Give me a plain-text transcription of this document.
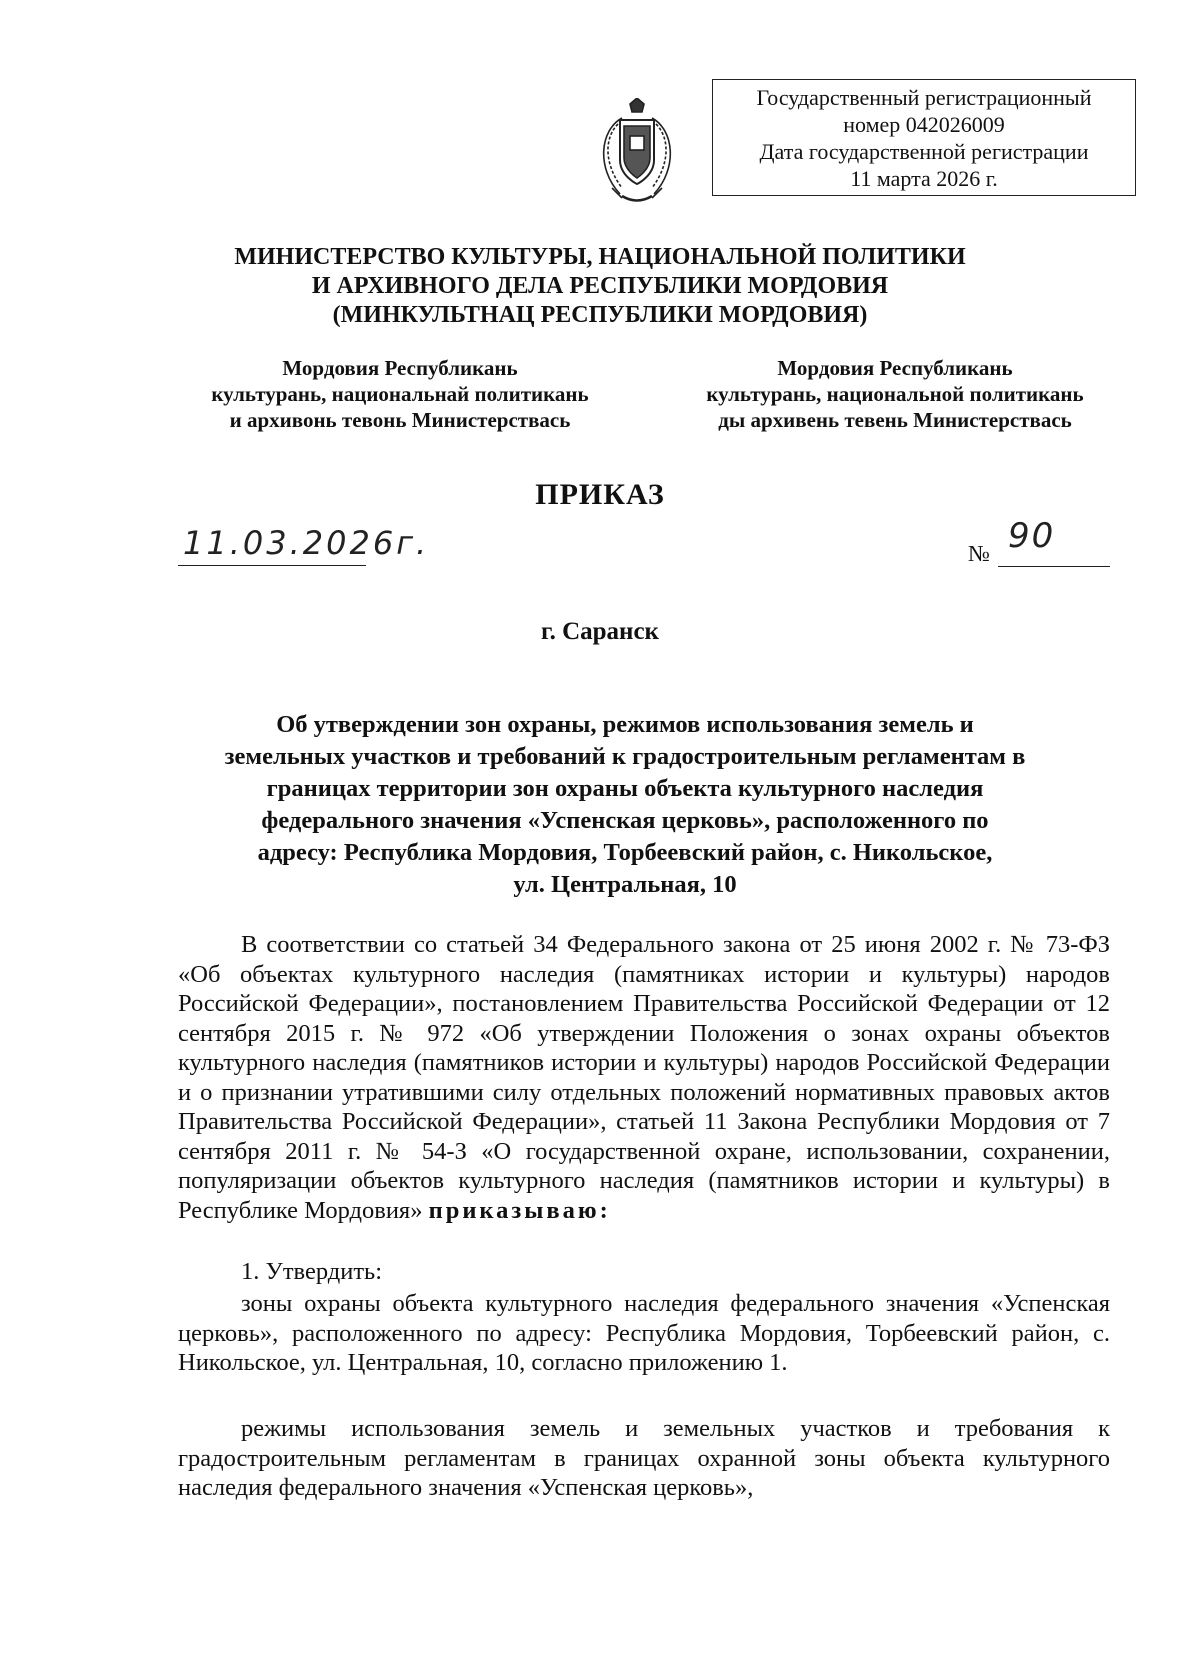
Государственный регистрационный
номер 042026009
Дата государственной регистрации
11 марта 2026 г.
МИНИСТЕРСТВО КУЛЬТУРЫ, НАЦИОНАЛЬНОЙ ПОЛИТИКИ
И АРХИВНОГО ДЕЛА РЕСПУБЛИКИ МОРДОВИЯ
(МИНКУЛЬТНАЦ РЕСПУБЛИКИ МОРДОВИЯ)
Мордовия Республикань
культурань, национальнай политикань
и архивонь тевонь Министерствась
Мордовия Республикань
культурань, национальной политикань
ды архивень тевень Министерствась
ПРИКАЗ
11.03.2026г.	№ 90
г. Саранск
Об утверждении зон охраны, режимов использования земель и
земельных участков и требований к градостроительным регламентам в
границах территории зон охраны объекта культурного наследия
федерального значения «Успенская церковь», расположенного по
адресу: Республика Мордовия, Торбеевский район, с. Никольское,
ул. Центральная, 10
В соответствии со статьей 34 Федерального закона от 25 июня 2002 г. № 73-ФЗ «Об объектах культурного наследия (памятниках истории и культуры) народов Российской Федерации», постановлением Правительства Российской Федерации от 12 сентября 2015 г. № 972 «Об утверждении Положения о зонах охраны объектов культурного наследия (памятников истории и культуры) народов Российской Федерации и о признании утратившими силу отдельных положений нормативных правовых актов Правительства Российской Федерации», статьей 11 Закона Республики Мордовия от 7 сентября 2011 г. № 54-З «О государственной охране, использовании, сохранении, популяризации объектов культурного наследия (памятников истории и культуры) в Республике Мордовия» приказываю:
1. Утвердить:
зоны охраны объекта культурного наследия федерального значения «Успенская церковь», расположенного по адресу: Республика Мордовия, Торбеевский район, с. Никольское, ул. Центральная, 10, согласно приложению 1.
режимы использования земель и земельных участков и требования к градостроительным регламентам в границах охранной зоны объекта культурного наследия федерального значения «Успенская церковь»,
